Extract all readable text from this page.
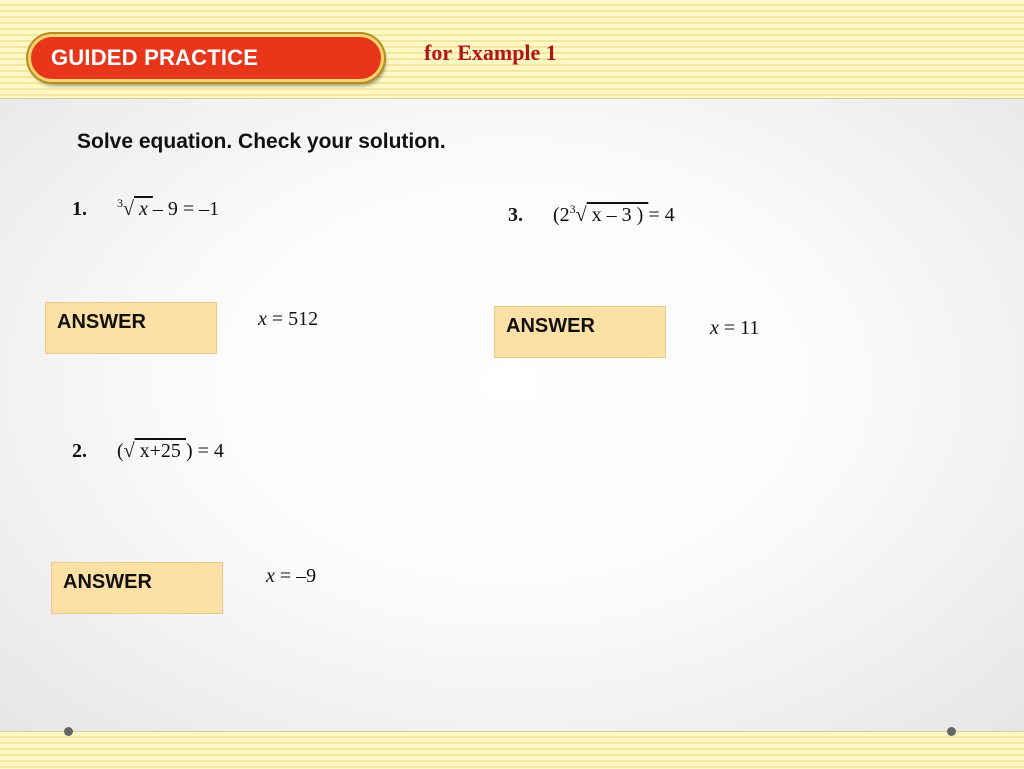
GUIDED PRACTICE	for Example 1
Solve equation. Check your solution.
1.	$^3$√ x – 9 = –1
ANSWER	x = 512
2. (√ x+25 ) = 4
ANSWER	x = –9
3. ($2^3√$ x – 3 ) = 4
ANSWER	x = 11
